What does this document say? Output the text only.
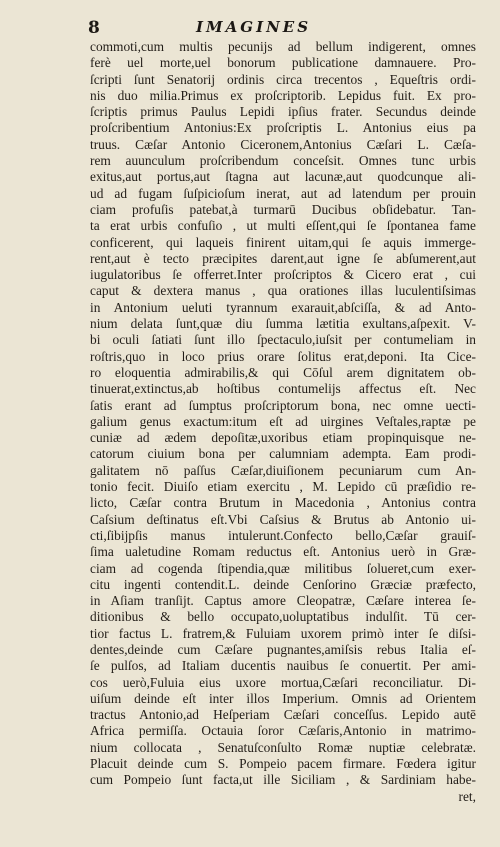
8	IMAGINES
commoti,cum multis pecunijs ad bellum indigerent, omnes
ferè uel morte,uel bonorum publicatione damnauere. Pro-
ſcripti ſunt Senatorij ordinis circa trecentos , Equeſtris ordi-
nis duo milia.Primus ex proſcriptorib. Lepidus fuit. Ex pro-
ſcriptis primus Paulus Lepidi ipſius frater. Secundus deinde
proſcribentium Antonius:Ex proſcriptis L. Antonius eius pa
truus. Cæſar Antonio Ciceronem,Antonius Cæſari L. Cæſa-
rem auunculum proſcribendum conceſsit. Omnes tunc urbis
exitus,aut portus,aut ſtagna aut lacunæ,aut quodcunque ali-
ud ad fugam ſuſpicioſum inerat, aut ad latendum per prouin
ciam profuſis patebat,à turmarū Ducibus obſidebatur. Tan-
ta erat urbis confuſio , ut multi eſſent,qui ſe ſpontanea fame
conficerent, qui laqueis finirent uitam,qui ſe aquis immerge-
rent,aut è tecto præcipites darent,aut igne ſe abſumerent,aut
iugulatoribus ſe offerret.Inter proſcriptos & Cicero erat , cui
caput & dextera manus , qua orationes illas luculentiſsimas
in Antonium ueluti tyrannum exarauit,abſciſſa, & ad Anto-
nium delata ſunt,quæ diu ſumma lætitia exultans,aſpexit. V-
bi oculi ſatiati ſunt illo ſpectaculo,iuſsit per contumeliam in
roſtris,quo in loco prius orare ſolitus erat,deponi. Ita Cice-
ro eloquentia admirabilis,& qui Cōſul arem dignitatem ob-
tinuerat,extinctus,ab hoſtibus contumelijs affectus eſt. Nec
ſatis erant ad ſumptus proſcriptorum bona, nec omne uecti-
galium genus exactum:itum eſt ad uirgines Veſtales,raptæ pe
cuniæ ad ædem depoſitæ,uxoribus etiam propinquisque ne-
catorum ciuium bona per calumniam adempta. Eam prodi-
galitatem nō paſſus Cæſar,diuiſionem pecuniarum cum An-
tonio fecit. Diuiſo etiam exercitu , M. Lepido cū præſidio re-
licto, Cæſar contra Brutum in Macedonia , Antonius contra
Caſsium deſtinatus eſt.Vbi Caſsius & Brutus ab Antonio ui-
cti,ſibijpſis manus intulerunt.Confecto bello,Cæſar grauiſ-
ſima ualetudine Romam reductus eſt. Antonius uerò in Græ-
ciam ad cogenda ſtipendia,quæ militibus ſolueret,cum exer-
citu ingenti contendit.L. deinde Cenſorino Græciæ præfecto,
in Aſiam tranſijt. Captus amore Cleopatræ, Cæſare interea ſe-
ditionibus & bello occupato,uoluptatibus indulſit. Tū cer-
tior factus L. fratrem,& Fuluiam uxorem primò inter ſe diſsi-
dentes,deinde cum Cæſare pugnantes,amiſsis rebus Italia eſ-
ſe pulſos, ad Italiam ducentis nauibus ſe conuertit. Per ami-
cos uerò,Fuluia eius uxore mortua,Cæſari reconciliatur. Di-
uiſum deinde eſt inter illos Imperium. Omnis ad Orientem
tractus Antonio,ad Heſperiam Cæſari conceſſus. Lepido autē
Africa permiſſa. Octauia ſoror Cæſaris,Antonio in matrimo-
nium collocata , Senatuſconſulto Romæ nuptiæ celebratæ.
Placuit deinde cum S. Pompeio pacem firmare. Fœdera igitur
cum Pompeio ſunt facta,ut ille Siciliam , & Sardiniam habe-
ret,
